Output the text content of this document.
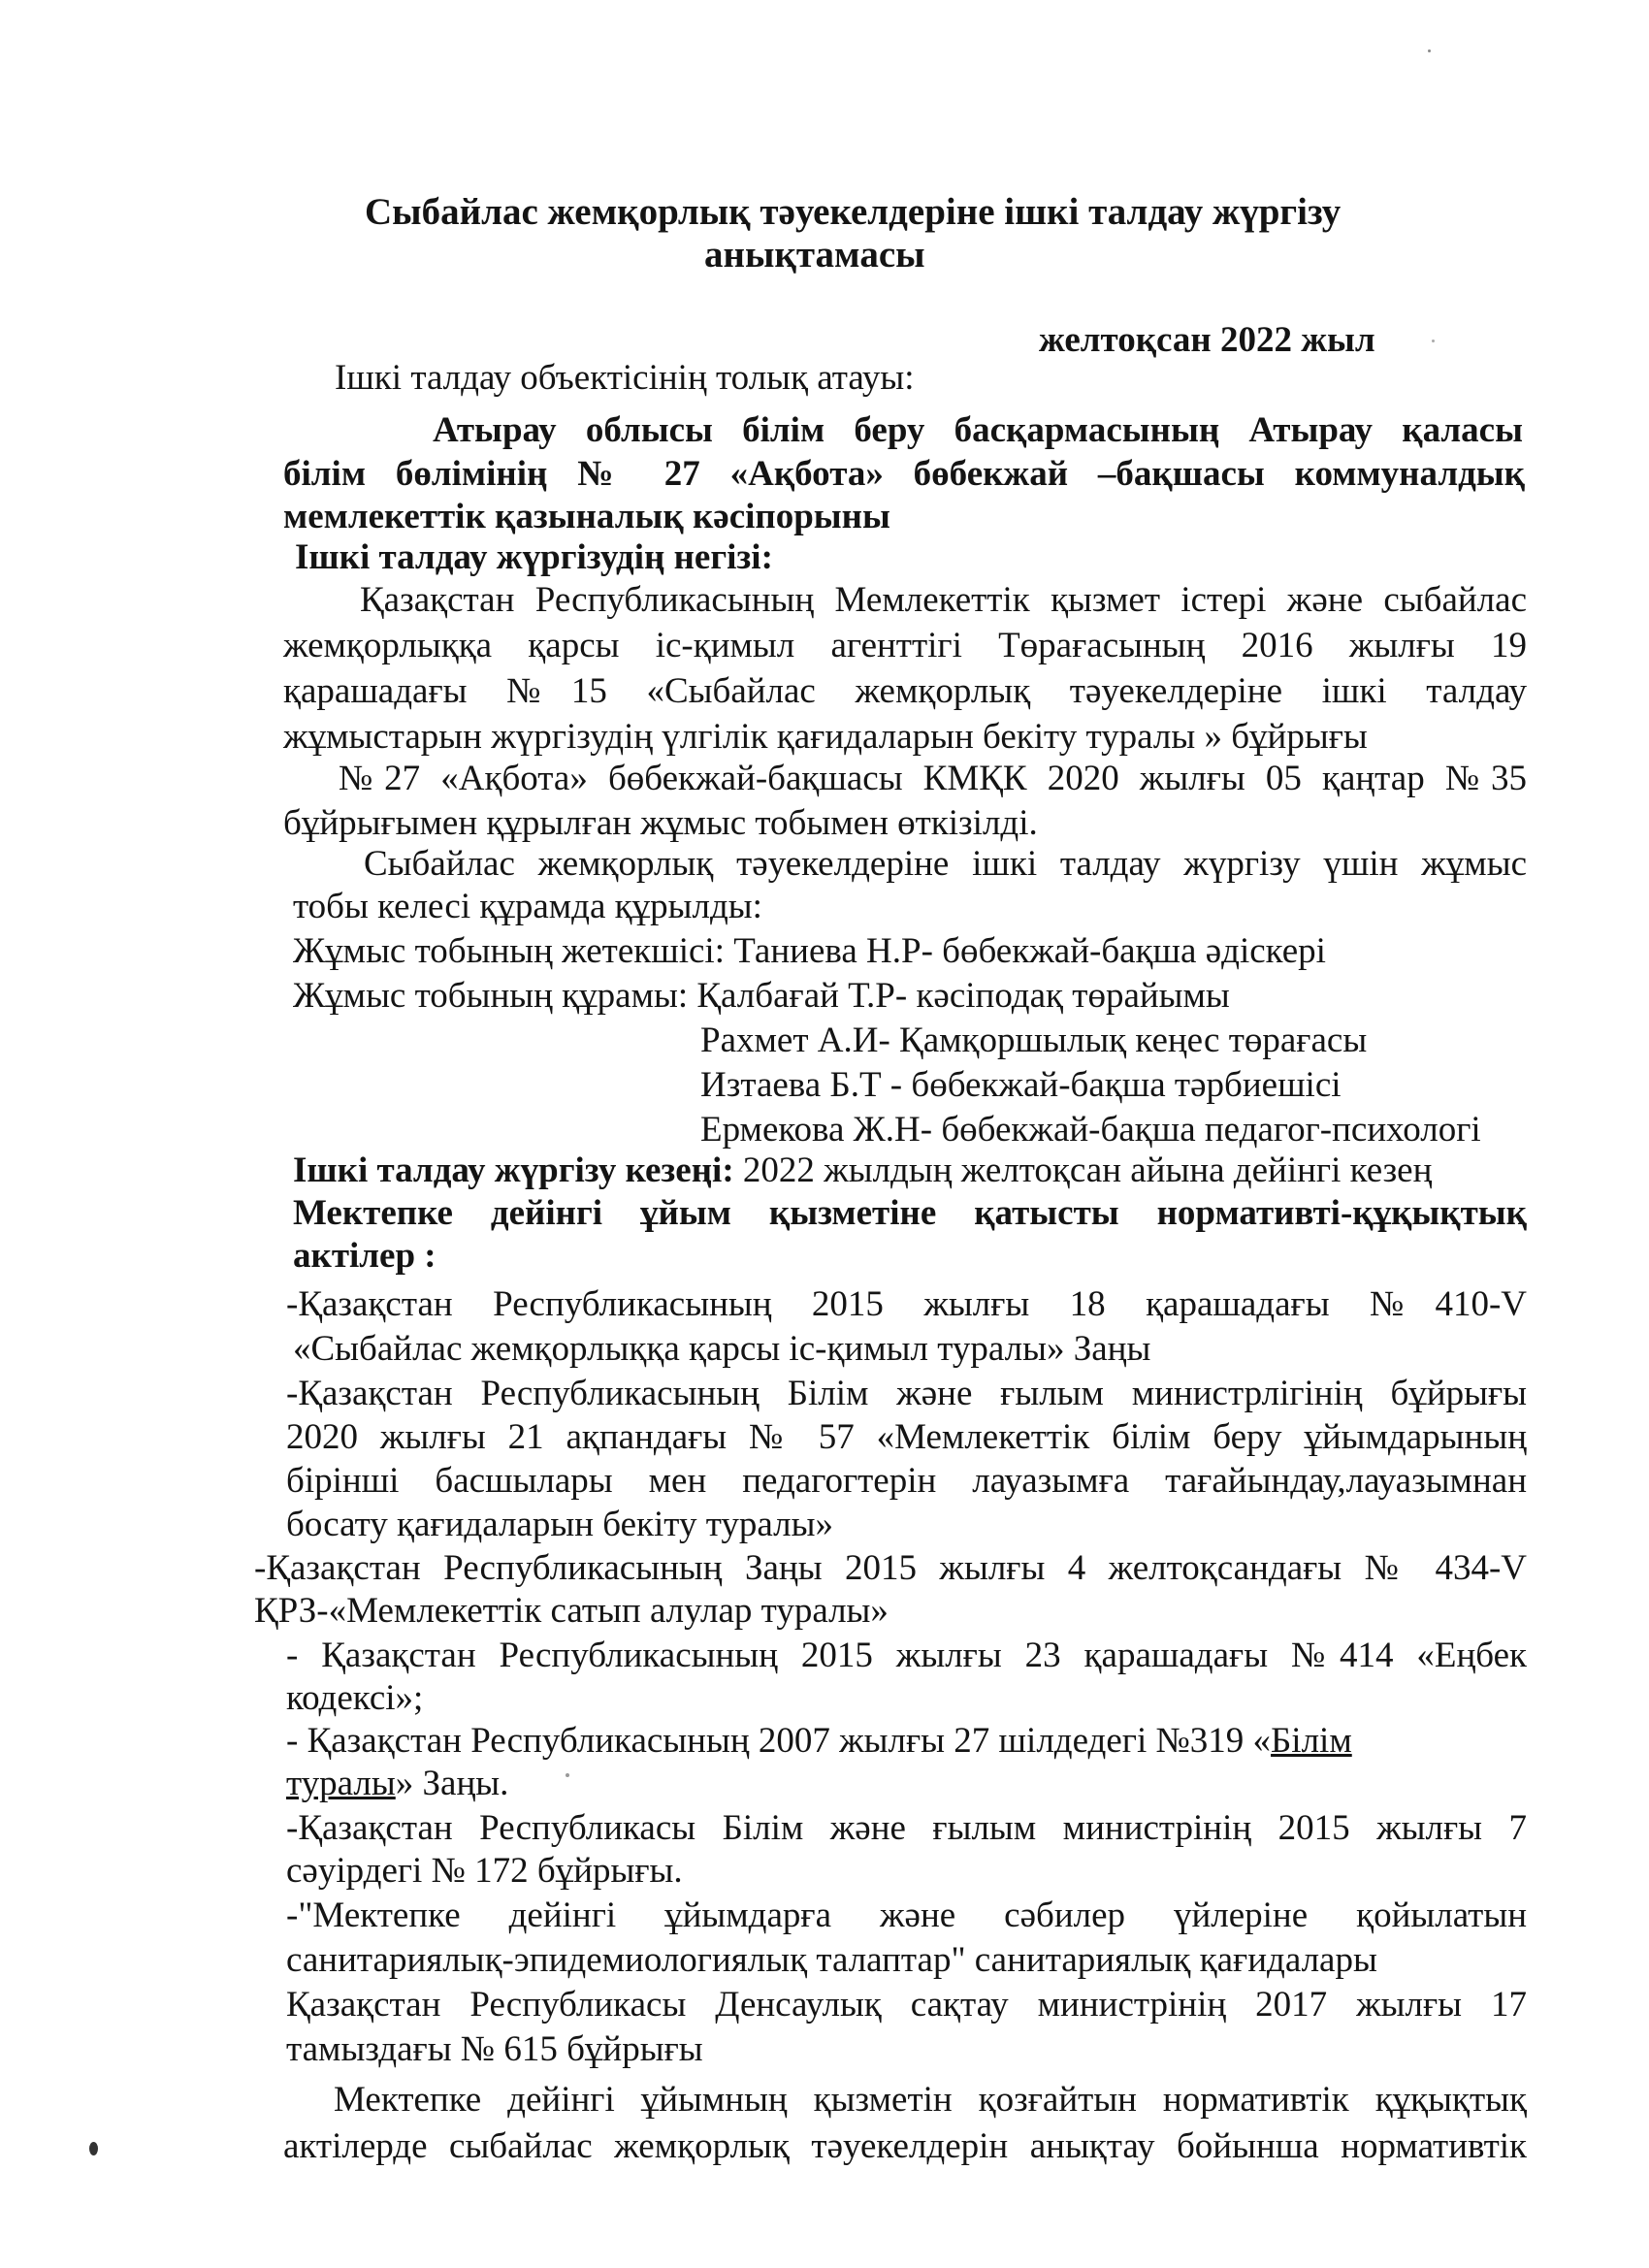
Сыбайлас жемқорлық тәуекелдеріне ішкі талдау жүргізу
анықтамасы
желтоқсан 2022 жыл
Ішкі талдау объектісінің толық атауы:
Атырау облысы білім беру басқармасының Атырау қаласы
білім бөлімінің № 27 «Ақбота» бөбекжай –бақшасы коммуналдық
мемлекеттік қазыналық кәсіпорыны
Ішкі талдау жүргізудің негізі:
Қазақстан Республикасының Мемлекеттік қызмет істері және сыбайлас
жемқорлыққа қарсы іс-қимыл агенттігі Төрағасының 2016 жылғы 19
қарашадағы №15 «Сыбайлас жемқорлық тәуекелдеріне ішкі талдау
жұмыстарын жүргізудің үлгілік қағидаларын бекіту туралы » бұйрығы
№27 «Ақбота» бөбекжай-бақшасы КМҚК 2020 жылғы 05 қаңтар №35
бұйрығымен құрылған жұмыс тобымен өткізілді.
Сыбайлас жемқорлық тәуекелдеріне ішкі талдау жүргізу үшін жұмыс
тобы келесі құрамда құрылды:
Жұмыс тобының жетекшісі: Таниева Н.Р- бөбекжай-бақша әдіскері
Жұмыс тобының құрамы: Қалбағай Т.Р- кәсіподақ төрайымы
Рахмет А.И- Қамқоршылық кеңес төрағасы
Изтаева Б.Т - бөбекжай-бақша тәрбиешісі
Ермекова Ж.Н- бөбекжай-бақша педагог-психологі
Ішкі талдау жүргізу кезеңі: 2022 жылдың желтоқсан айына дейінгі кезең
Мектепке дейінгі ұйым қызметіне қатысты нормативті-құқықтық
актілер :
-Қазақстан Республикасының 2015 жылғы 18 қарашадағы №410-V
«Сыбайлас жемқорлыққа қарсы іс-қимыл туралы» Заңы
-Қазақстан Республикасының Білім және ғылым министрлігінің бұйрығы
2020 жылғы 21 ақпандағы № 57 «Мемлекеттік білім беру ұйымдарының
бірінші басшылары мен педагогтерін лауазымға тағайындау,лауазымнан
босату қағидаларын бекіту туралы»
-Қазақстан Республикасының Заңы 2015 жылғы 4 желтоқсандағы № 434-V
ҚРЗ-«Мемлекеттік сатып алулар туралы»
- Қазақстан Республикасының 2015 жылғы 23 қарашадағы №414 «Еңбек
кодексі»;
- Қазақстан Республикасының 2007 жылғы 27 шілдедегі №319 «Білім
туралы» Заңы.
-Қазақстан Республикасы Білім және ғылым министрінің 2015 жылғы 7
сәуірдегі № 172 бұйрығы.
-"Мектепке дейінгі ұйымдарға және сәбилер үйлеріне қойылатын
санитариялық-эпидемиологиялық талаптар" санитариялық қағидалары
Қазақстан Республикасы Денсаулық сақтау министрінің 2017 жылғы 17
тамыздағы № 615 бұйрығы
Мектепке дейінгі ұйымның қызметін қозғайтын нормативтік құқықтық
актілерде сыбайлас жемқорлық тәуекелдерін анықтау бойынша нормативтік
